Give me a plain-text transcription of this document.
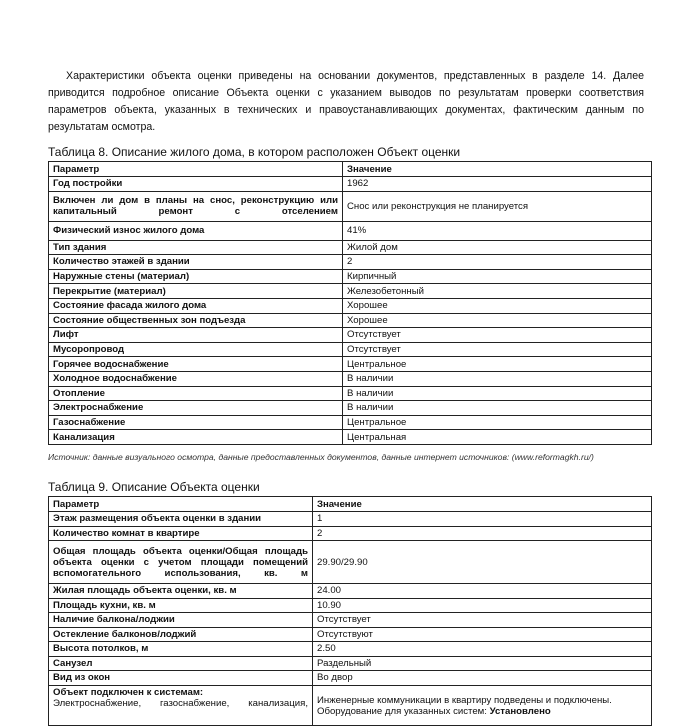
Характеристики объекта оценки приведены на основании документов, представленных в разделе 14. Далее приводится подробное описание Объекта оценки с указанием выводов по результатам проверки соответствия параметров объекта, указанных в технических и правоустанавливающих документах, фактическим данным по результатам осмотра.
Таблица 8. Описание жилого дома, в котором расположен Объект оценки
Параметр	Значение
Год постройки	1962
Включен ли дом в планы на снос, реконструкцию или капитальный ремонт с отселением	Снос или реконструкция не планируется
Физический износ жилого дома	41%
Тип здания	Жилой дом
Количество этажей в здании	2
Наружные стены (материал)	Кирпичный
Перекрытие (материал)	Железобетонный
Состояние фасада жилого дома	Хорошее
Состояние общественных зон подъезда	Хорошее
Лифт	Отсутствует
Мусоропровод	Отсутствует
Горячее водоснабжение	Центральное
Холодное водоснабжение	В наличии
Отопление	В наличии
Электроснабжение	В наличии
Газоснабжение	Центральное
Канализация	Центральная
Источник: данные визуального осмотра, данные предоставленных документов, данные интернет источников: (www.reformagkh.ru/)
Таблица 9. Описание Объекта оценки
Параметр	Значение
Этаж размещения объекта оценки в здании	1
Количество комнат в квартире	2
Общая площадь объекта оценки/Общая площадь объекта оценки с учетом площади помещений вспомогательного использования, кв. м	29.90/29.90
Жилая площадь объекта оценки, кв. м	24.00
Площадь кухни, кв. м	10.90
Наличие балкона/лоджии	Отсутствует
Остекление балконов/лоджий	Отсутствуют
Высота потолков, м	2.50
Санузел	Раздельный
Вид из окон	Во двор

Объект подключен к системам:
Электроснабжение, газоснабжение, канализация,	Инженерные коммуникации в квартиру подведены и подключены. Оборудование для указанных систем: Установлено
